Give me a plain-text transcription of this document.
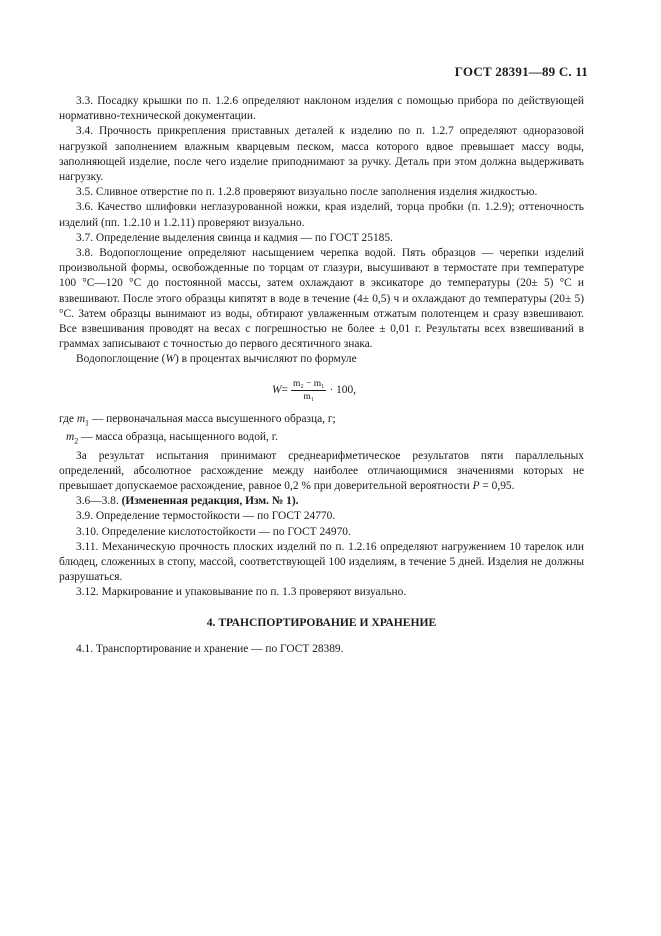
ГОСТ 28391—89 С. 11

3.3. Посадку крышки по п. 1.2.6 определяют наклоном изделия с помощью прибора по действующей нормативно-технической документации.

3.4. Прочность прикрепления приставных деталей к изделию по п. 1.2.7 определяют одноразовой нагрузкой заполнением влажным кварцевым песком, масса которого вдвое превышает массу воды, заполняющей изделие, после чего изделие приподнимают за ручку. Деталь при этом должна выдерживать нагрузку.

3.5. Сливное отверстие по п. 1.2.8 проверяют визуально после заполнения изделия жидкостью.

3.6. Качество шлифовки неглазурованной ножки, края изделий, торца пробки (п. 1.2.9); оттеночность изделий (пп. 1.2.10 и 1.2.11) проверяют визуально.

3.7. Определение выделения свинца и кадмия — по ГОСТ 25185.

3.8. Водопоглощение определяют насыщением черепка водой. Пять образцов — черепки изделий произвольной формы, освобожденные по торцам от глазури, высушивают в термостате при температуре 100 °С—120 °С до постоянной массы, затем охлаждают в эксикаторе до температуры (20± 5) °С и взвешивают. После этого образцы кипятят в воде в течение (4± 0,5) ч и охлаждают до температуры (20± 5) °С. Затем образцы вынимают из воды, обтирают увлаженным отжатым полотенцем и сразу взвешивают. Все взвешивания проводят на весах с погрешностью не более ± 0,01 г. Результаты всех взвешиваний в граммах записывают с точностью до первого десятичного знака.

Водопоглощение (W) в процентах вычисляют по формуле

$W = \frac{\text{m₂ − m₁}}{\text{m₁}} \cdot 100$,

где $m_1$ — первоначальная масса высушенного образца, г;

$m_2$ — масса образца, насыщенного водой, г.

За результат испытания принимают среднеарифметическое результатов пяти параллельных определений, абсолютное расхождение между наиболее отличающимися значениями которых не превышает допускаемое расхождение, равное 0,2 % при доверительной вероятности P = 0,95.

3.6—3.8. (Измененная редакция, Изм. № 1).

3.9. Определение термостойкости — по ГОСТ 24770.

3.10. Определение кислотостойкости — по ГОСТ 24970.

3.11. Механическую прочность плоских изделий по п. 1.2.16 определяют нагружением 10 тарелок или блюдец, сложенных в стопу, массой, соответствующей 100 изделиям, в течение 5 дней. Изделия не должны разрушаться.

3.12. Маркирование и упаковывание по п. 1.3 проверяют визуально.

4. ТРАНСПОРТИРОВАНИЕ И ХРАНЕНИЕ

4.1. Транспортирование и хранение — по ГОСТ 28389.
